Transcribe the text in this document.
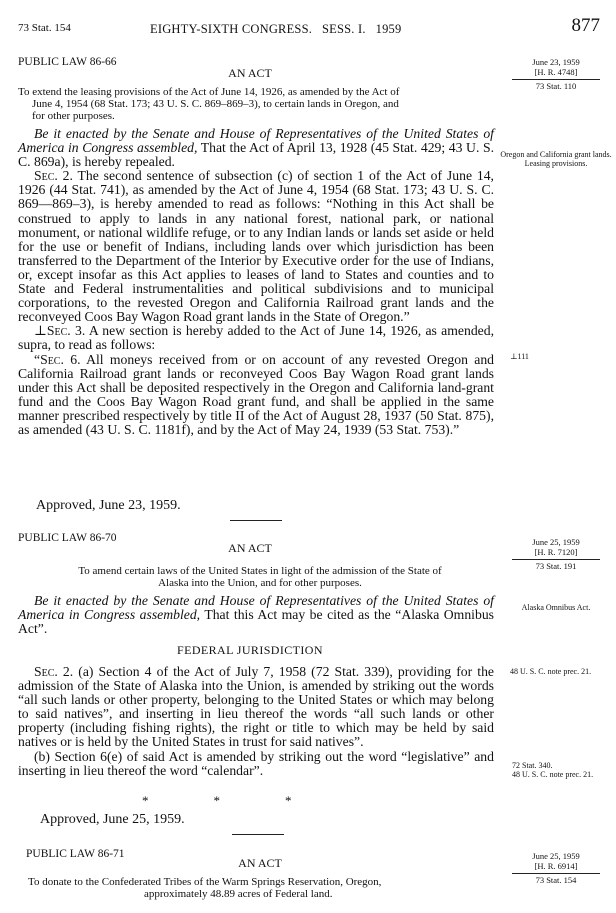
73 Stat. 154	EIGHTY-SIXTH CONGRESS.   SESS. I.   1959	877
PUBLIC LAW 86-66
AN ACT
June 23, 1959
[H. R. 4748]
73 Stat. 110
To extend the leasing provisions of the Act of June 14, 1926, as amended by the Act of
June 4, 1954 (68 Stat. 173; 43 U. S. C. 869–869–3), to certain lands in Oregon, and
for other purposes.

Be it enacted by the Senate and House of Representatives of the United States of America in Congress assembled, That the Act of April 13, 1928 (45 Stat. 429; 43 U. S. C. 869a), is hereby repealed.

Sec. 2. The second sentence of subsection (c) of section 1 of the Act of June 14, 1926 (44 Stat. 741), as amended by the Act of June 4, 1954 (68 Stat. 173; 43 U. S. C. 869—869–3), is hereby amended to read as follows: “Nothing in this Act shall be construed to apply to lands in any national forest, national park, or national monument, or national wildlife refuge, or to any Indian lands or lands set aside or held for the use or benefit of Indians, including lands over which jurisdiction has been transferred to the Department of the Interior by Executive order for the use of Indians, or, except insofar as this Act applies to leases of land to States and counties and to State and Federal instrumentalities and political subdivisions and to municipal corporations, to the revested Oregon and California Railroad grant lands and the reconveyed Coos Bay Wagon Road grant lands in the State of Oregon.”

⊥Sec. 3. A new section is hereby added to the Act of June 14, 1926, as amended, supra, to read as follows:

“Sec. 6. All moneys received from or on account of any revested Oregon and California Railroad grant lands or reconveyed Coos Bay Wagon Road grant lands under this Act shall be deposited respectively in the Oregon and California land-grant fund and the Coos Bay Wagon Road grant fund, and shall be applied in the same manner prescribed respectively by title II of the Act of August 28, 1937 (50 Stat. 875), as amended (43 U. S. C. 1181f), and by the Act of May 24, 1939 (53 Stat. 753).”

Oregon and California grant lands. Leasing provisions.
⊥111
Approved, June 23, 1959.
PUBLIC LAW 86-70
AN ACT	June 25, 1959
[H. R. 7120]
73 Stat. 191
To amend certain laws of the United States in light of the admission of the State of
Alaska into the Union, and for other purposes.

Be it enacted by the Senate and House of Representatives of the United States of America in Congress assembled, That this Act may be cited as the “Alaska Omnibus Act”.

Alaska Omnibus Act.
FEDERAL JURISDICTION

Sec. 2. (a) Section 4 of the Act of July 7, 1958 (72 Stat. 339), providing for the admission of the State of Alaska into the Union, is amended by striking out the words “all such lands or other property, belonging to the United States or which may belong to said natives”, and inserting in lieu thereof the words “all such lands or other property (including fishing rights), the right or title to which may be held by said natives or is held by the United States in trust for said natives”.

(b) Section 6(e) of said Act is amended by striking out the word “legislative” and inserting in lieu thereof the word “calendar”.

48 U. S. C. note prec. 21.
72 Stat. 340.
48 U. S. C. note prec. 21.
*                    *                    *
Approved, June 25, 1959.
PUBLIC LAW 86-71
AN ACT	June 25, 1959
[H. R. 6914]
73 Stat. 154
To donate to the Confederated Tribes of the Warm Springs Reservation, Oregon,
approximately 48.89 acres of Federal land.
